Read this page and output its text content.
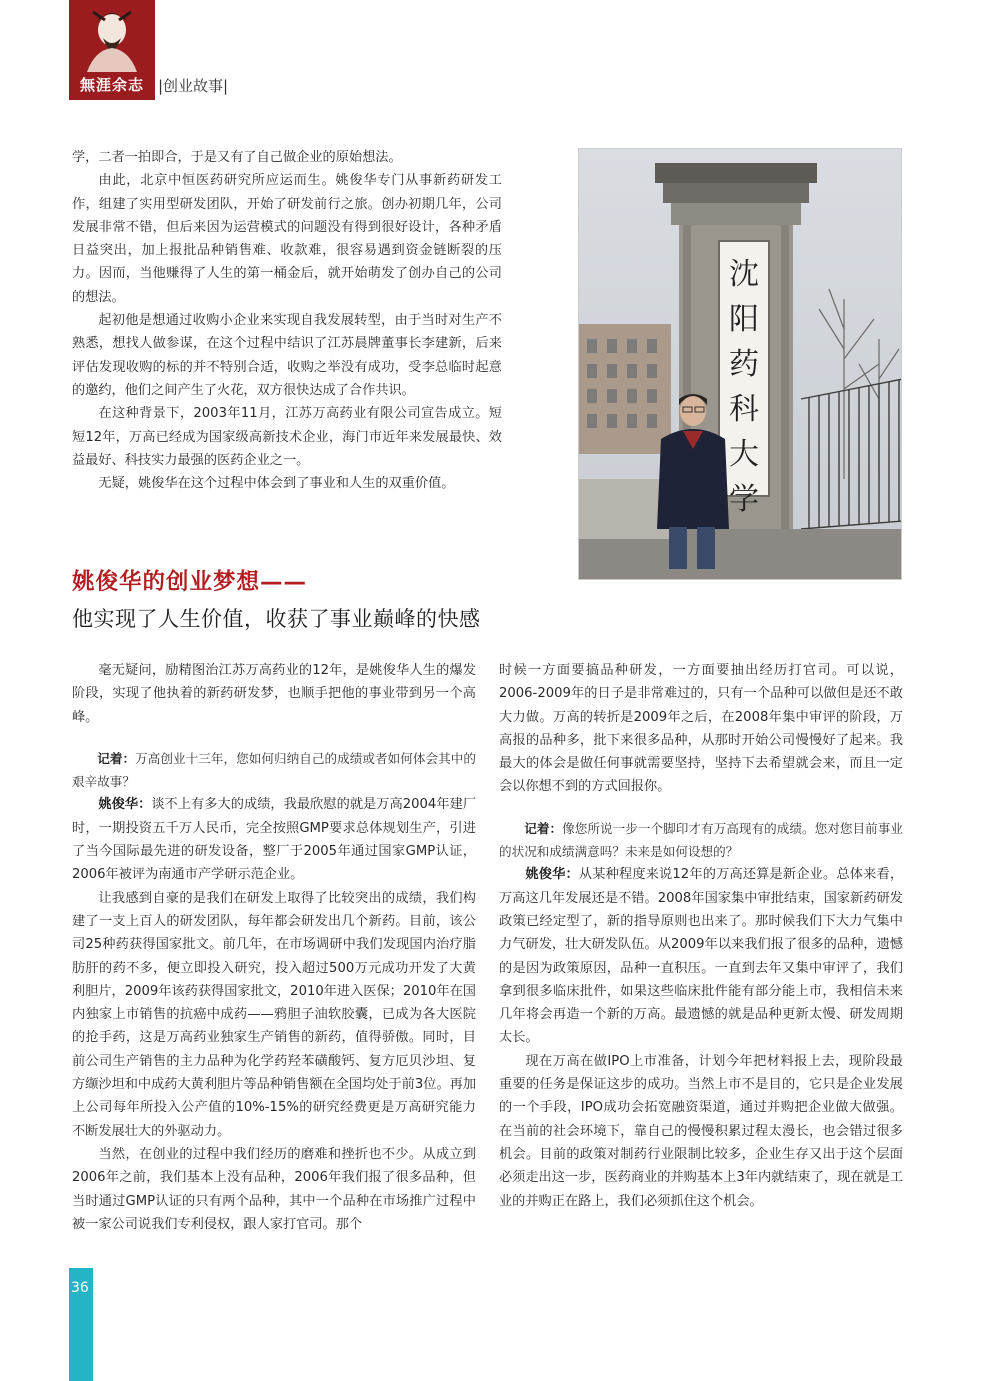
無涯余志 |创业故事|

学，二者一拍即合，于是又有了自己做企业的原始想法。

由此，北京中恒医药研究所应运而生。姚俊华专门从事新药研发工作，组建了实用型研发团队，开始了研发前行之旅。创办初期几年，公司发展非常不错，但后来因为运营模式的问题没有得到很好设计，各种矛盾日益突出，加上报批品种销售难、收款难，很容易遇到资金链断裂的压力。因而，当他赚得了人生的第一桶金后，就开始萌发了创办自己的公司的想法。

起初他是想通过收购小企业来实现自我发展转型，由于当时对生产不熟悉，想找人做参谋，在这个过程中结识了江苏晨牌董事长李建新，后来评估发现收购的标的并不特别合适，收购之举没有成功，受李总临时起意的邀约，他们之间产生了火花，双方很快达成了合作共识。

在这种背景下，2003年11月，江苏万高药业有限公司宣告成立。短短12年，万高已经成为国家级高新技术企业，海门市近年来发展最快、效益最好、科技实力最强的医药企业之一。

无疑，姚俊华在这个过程中体会到了事业和人生的双重价值。

沈
阳
药
科
大
学
姚俊华的创业梦想——
他实现了人生价值，收获了事业巅峰的快感

毫无疑问，励精图治江苏万高药业的12年，是姚俊华人生的爆发阶段，实现了他执着的新药研发梦，也顺手把他的事业带到另一个高峰。

记着：万高创业十三年，您如何归纳自己的成绩或者如何体会其中的艰辛故事？

姚俊华：谈不上有多大的成绩，我最欣慰的就是万高2004年建厂时，一期投资五千万人民币，完全按照GMP要求总体规划生产，引进了当今国际最先进的研发设备，整厂于2005年通过国家GMP认证，2006年被评为南通市产学研示范企业。

让我感到自豪的是我们在研发上取得了比较突出的成绩，我们构建了一支上百人的研发团队，每年都会研发出几个新药。目前，该公司25种药获得国家批文。前几年，在市场调研中我们发现国内治疗脂肪肝的药不多，便立即投入研究，投入超过500万元成功开发了大黄利胆片，2009年该药获得国家批文，2010年进入医保；2010年在国内独家上市销售的抗癌中成药——鸦胆子油软胶囊，已成为各大医院的抢手药，这是万高药业独家生产销售的新药，值得骄傲。同时，目前公司生产销售的主力品种为化学药羟苯磺酸钙、复方厄贝沙坦、复方缬沙坦和中成药大黄利胆片等品种销售额在全国均处于前3位。再加上公司每年所投入公产值的10%-15%的研究经费更是万高研究能力不断发展壮大的外驱动力。

当然，在创业的过程中我们经历的磨难和挫折也不少。从成立到2006年之前，我们基本上没有品种，2006年我们报了很多品种，但当时通过GMP认证的只有两个品种，其中一个品种在市场推广过程中被一家公司说我们专利侵权，跟人家打官司。那个

时候一方面要搞品种研发，一方面要抽出经历打官司。可以说，2006-2009年的日子是非常难过的，只有一个品种可以做但是还不敢大力做。万高的转折是2009年之后，在2008年集中审评的阶段，万高报的品种多，批下来很多品种，从那时开始公司慢慢好了起来。我最大的体会是做任何事就需要坚持，坚持下去希望就会来，而且一定会以你想不到的方式回报你。

记着：像您所说一步一个脚印才有万高现有的成绩。您对您目前事业的状况和成绩满意吗？未来是如何设想的？

姚俊华：从某种程度来说12年的万高还算是新企业。总体来看，万高这几年发展还是不错。2008年国家集中审批结束，国家新药研发政策已经定型了，新的指导原则也出来了。那时候我们下大力气集中力气研发，壮大研发队伍。从2009年以来我们报了很多的品种，遗憾的是因为政策原因，品种一直积压。一直到去年又集中审评了，我们拿到很多临床批件，如果这些临床批件能有部分能上市，我相信未来几年将会再造一个新的万高。最遗憾的就是品种更新太慢、研发周期太长。

现在万高在做IPO上市准备，计划今年把材料报上去，现阶段最重要的任务是保证这步的成功。当然上市不是目的，它只是企业发展的一个手段，IPO成功会拓宽融资渠道，通过并购把企业做大做强。在当前的社会环境下，靠自己的慢慢积累过程太漫长，也会错过很多机会。目前的政策对制药行业限制比较多，企业生存又出于这个层面必须走出这一步，医药商业的并购基本上3年内就结束了，现在就是工业的并购正在路上，我们必须抓住这个机会。

36
